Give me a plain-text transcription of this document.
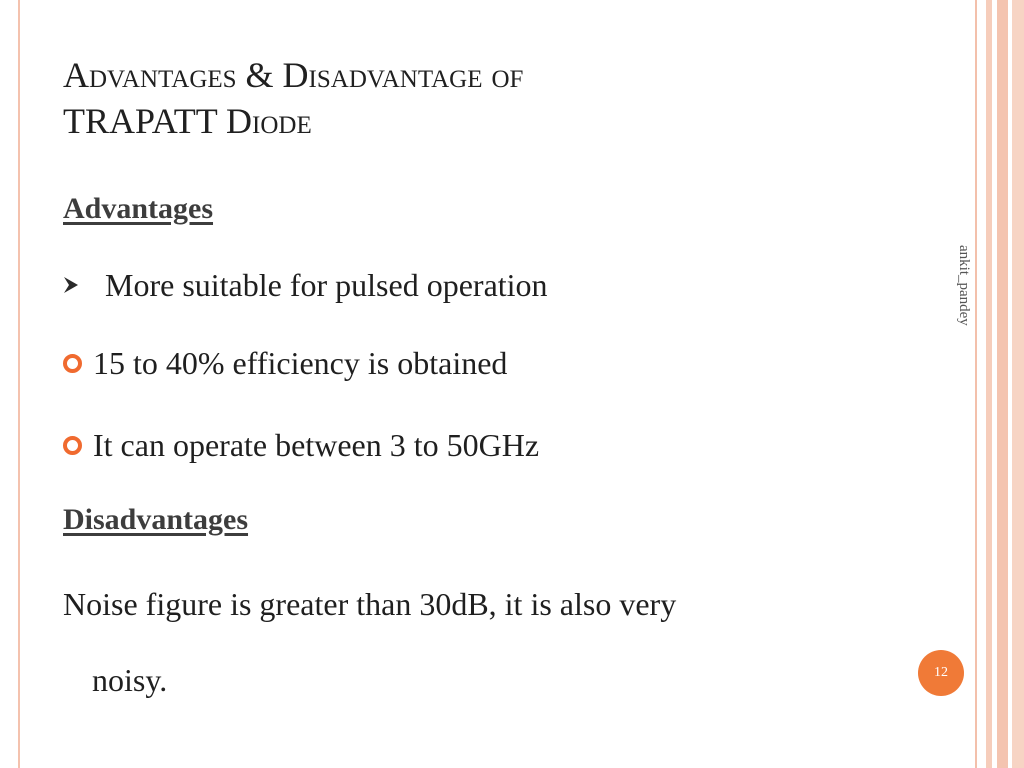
Advantages & Disadvantage of
TRAPATT Diode
Advantages
More suitable for pulsed operation
15 to 40% efficiency is obtained
It can operate between 3 to 50GHz
Disadvantages
Noise figure is greater than 30dB, it is also very
noisy.
ankit_pandey
12
